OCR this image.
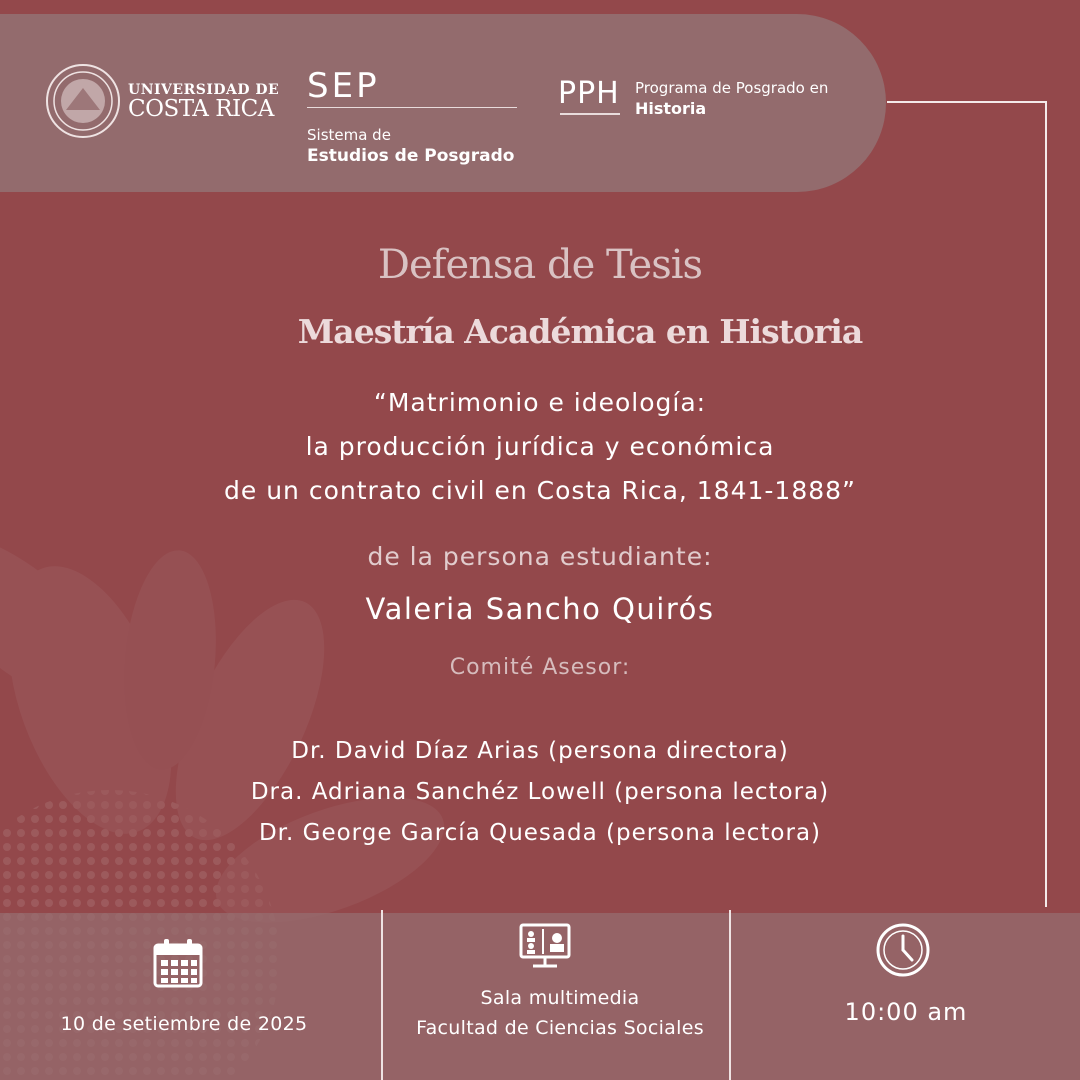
UNIVERSIDAD DE
COSTA RICA
SEP
Sistema de
Estudios de Posgrado
PPH Programa de Posgrado en
Historia
Defensa de Tesis
Maestría Académica en Historia
“Matrimonio e ideología:
la producción jurídica y económica
de un contrato civil en Costa Rica, 1841-1888”
de la persona estudiante:
Valeria Sancho Quirós
Comité Asesor:
Dr. David Díaz Arias (persona directora)
Dra. Adriana Sanchéz Lowell (persona lectora)
Dr. George García Quesada (persona lectora)
10 de setiembre de 2025
Sala multimedia
Facultad de Ciencias Sociales
10:00 am
